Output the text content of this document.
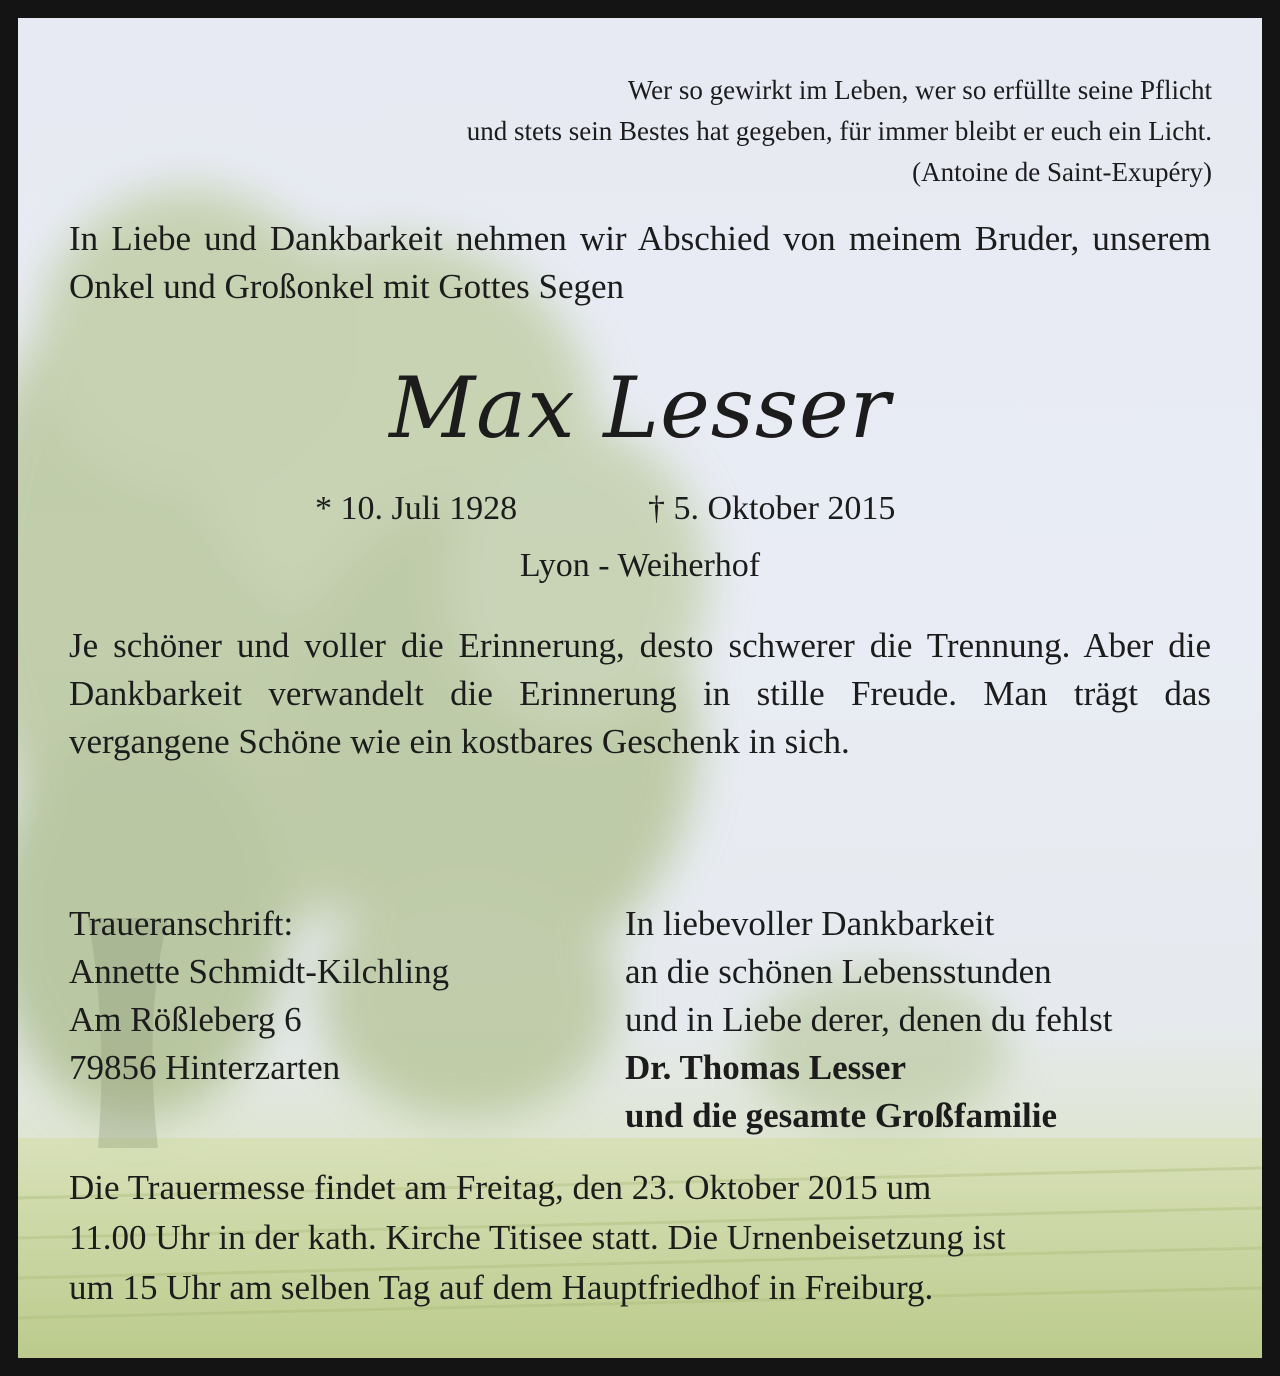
Wer so gewirkt im Leben, wer so erfüllte seine Pflicht
und stets sein Bestes hat gegeben, für immer bleibt er euch ein Licht.
(Antoine de Saint-Exupéry)

In Liebe und Dankbarkeit nehmen wir Abschied von meinem Bruder, unserem Onkel und Großonkel mit Gottes Segen

Max Lesser
* 10. Juli 1928	† 5. Oktober 2015
Lyon - Weiherhof

Je schöner und voller die Erinnerung, desto schwerer die Trennung. Aber die Dankbarkeit verwandelt die Erinnerung in stille Freude. Man trägt das vergangene Schöne wie ein kostbares Geschenk in sich.

Traueranschrift:
Annette Schmidt-Kilchling
Am Rößleberg 6
79856 Hinterzarten
In liebevoller Dankbarkeit
an die schönen Lebensstunden
und in Liebe derer, denen du fehlst
Dr. Thomas Lesser
und die gesamte Großfamilie
Die Trauermesse findet am Freitag, den 23. Oktober 2015 um
11.00 Uhr in der kath. Kirche Titisee statt. Die Urnenbeisetzung ist
um 15 Uhr am selben Tag auf dem Hauptfriedhof in Freiburg.
